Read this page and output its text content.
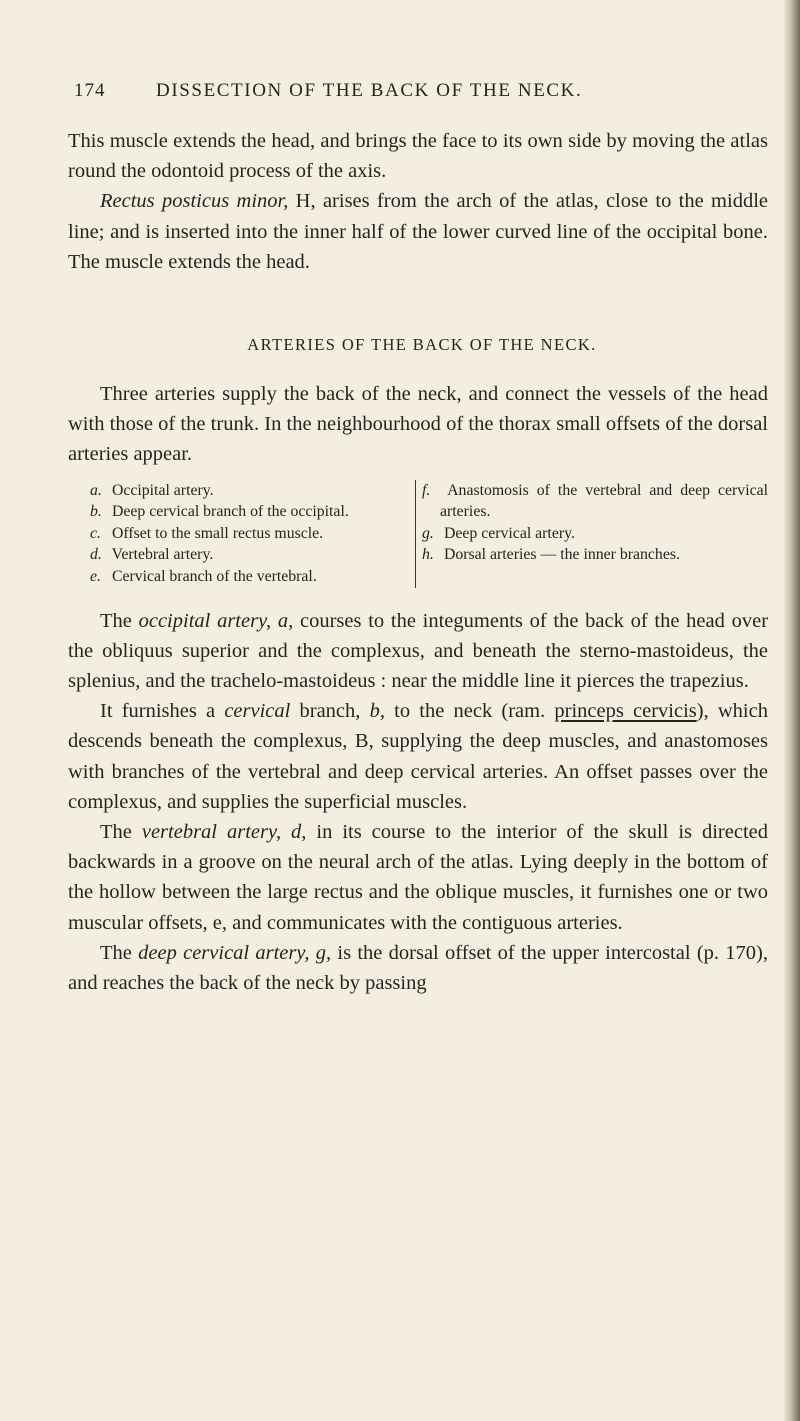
174	DISSECTION OF THE BACK OF THE NECK.

This muscle extends the head, and brings the face to its own side by moving the atlas round the odontoid process of the axis.

Rectus posticus minor, H, arises from the arch of the atlas, close to the middle line; and is inserted into the inner half of the lower curved line of the occipital bone. The muscle extends the head.

ARTERIES OF THE BACK OF THE NECK.

Three arteries supply the back of the neck, and connect the vessels of the head with those of the trunk. In the neighbourhood of the thorax small offsets of the dorsal arteries appear.

a. Occipital artery.
b. Deep cervical branch of the occipital.
c. Offset to the small rectus muscle.
d. Vertebral artery.
e. Cervical branch of the vertebral.
f. Anastomosis of the vertebral and deep cervical arteries.
g. Deep cervical artery.
h. Dorsal arteries — the inner branches.

The occipital artery, a, courses to the integuments of the back of the head over the obliquus superior and the complexus, and beneath the sterno-mastoideus, the splenius, and the trachelo-mastoideus : near the middle line it pierces the trapezius.

It furnishes a cervical branch, b, to the neck (ram. princeps cervicis), which descends beneath the complexus, B, supplying the deep muscles, and anastomoses with branches of the vertebral and deep cervical arteries. An offset passes over the complexus, and supplies the superficial muscles.

The vertebral artery, d, in its course to the interior of the skull is directed backwards in a groove on the neural arch of the atlas. Lying deeply in the bottom of the hollow between the large rectus and the oblique muscles, it furnishes one or two muscular offsets, e, and communicates with the contiguous arteries.

The deep cervical artery, g, is the dorsal offset of the upper intercostal (p. 170), and reaches the back of the neck by passing
